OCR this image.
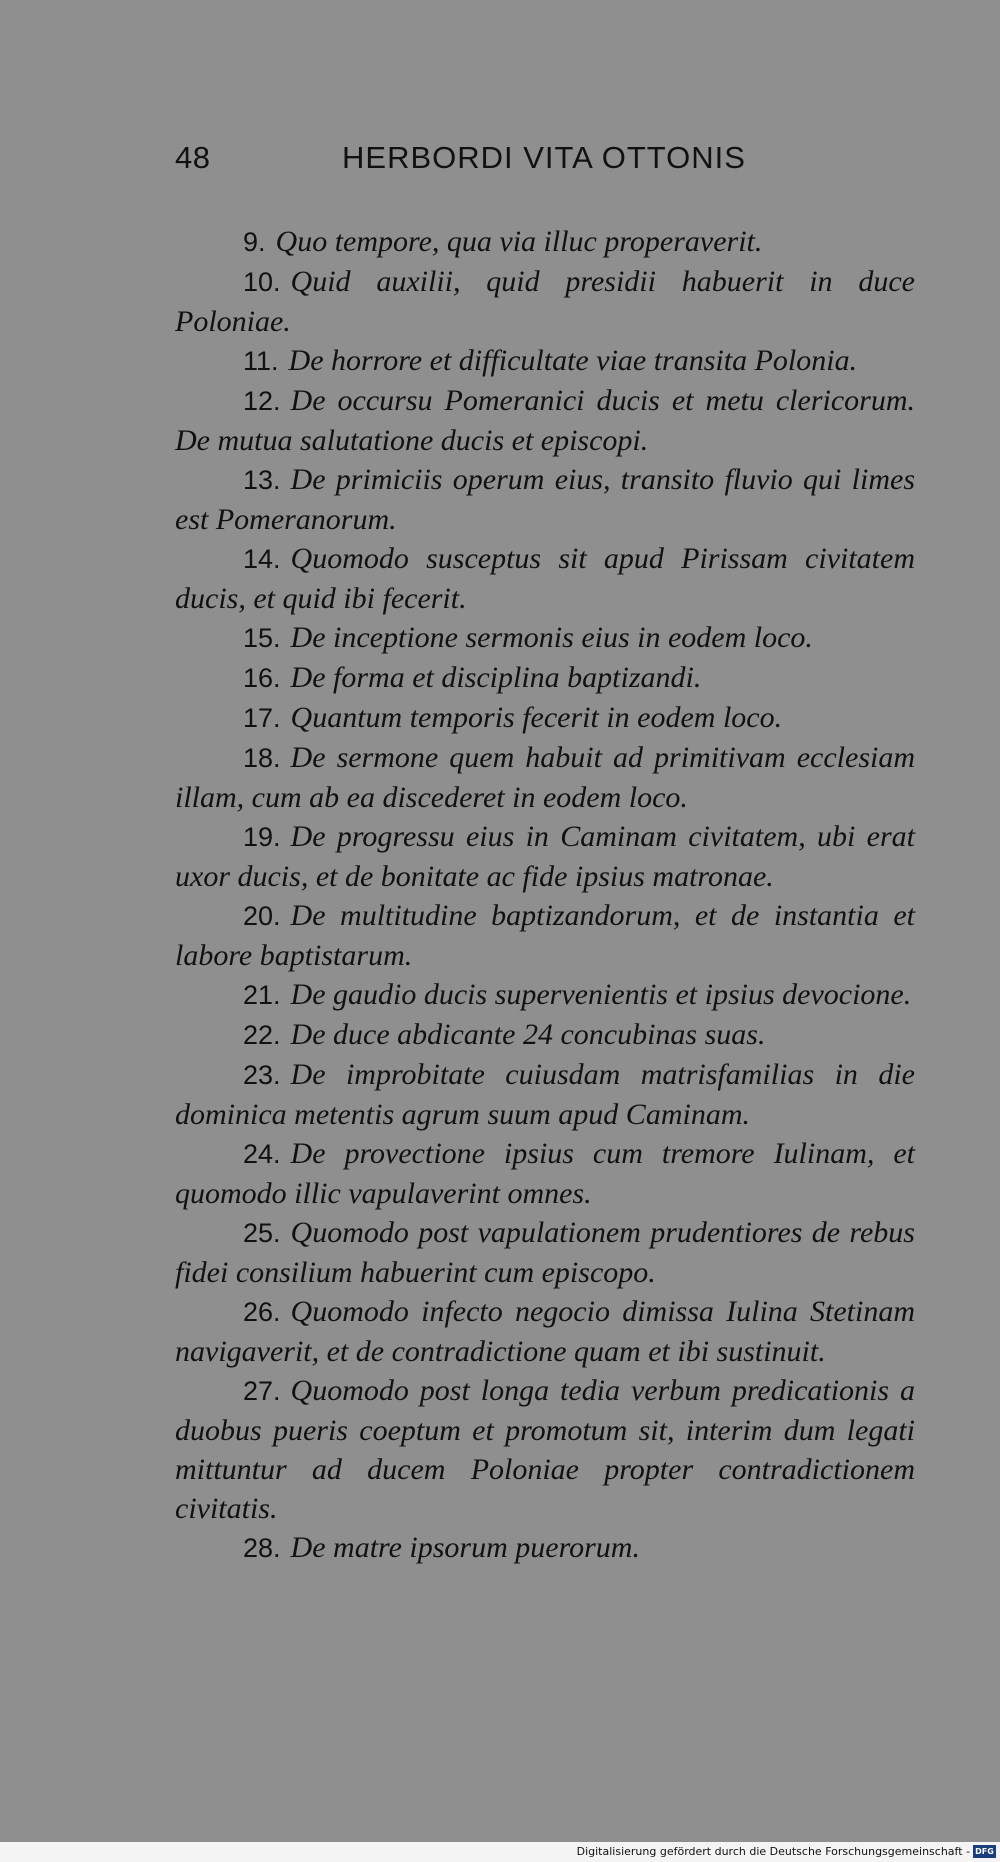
48	HERBORDI VITA OTTONIS

9. Quo tempore, qua via illuc properaverit.

10. Quid auxilii, quid presidii habuerit in duce Poloniae.

11. De horrore et difficultate viae transita Polonia.

12. De occursu Pomeranici ducis et metu clericorum. De mutua salutatione ducis et episcopi.

13. De primiciis operum eius, transito fluvio qui limes est Pomeranorum.

14. Quomodo susceptus sit apud Pirissam civitatem ducis, et quid ibi fecerit.

15. De inceptione sermonis eius in eodem loco.

16. De forma et disciplina baptizandi.

17. Quantum temporis fecerit in eodem loco.

18. De sermone quem habuit ad primitivam ecclesiam illam, cum ab ea discederet in eodem loco.

19. De progressu eius in Caminam civitatem, ubi erat uxor ducis, et de bonitate ac fide ipsius matronae.

20. De multitudine baptizandorum, et de instantia et labore baptistarum.

21. De gaudio ducis supervenientis et ipsius devocione.

22. De duce abdicante 24 concubinas suas.

23. De improbitate cuiusdam matrisfamilias in die dominica metentis agrum suum apud Caminam.

24. De provectione ipsius cum tremore Iulinam, et quomodo illic vapulaverint omnes.

25. Quomodo post vapulationem prudentiores de rebus fidei consilium habuerint cum episcopo.

26. Quomodo infecto negocio dimissa Iulina Stetinam navigaverit, et de contradictione quam et ibi sustinuit.

27. Quomodo post longa tedia verbum predicationis a duobus pueris coeptum et promotum sit, interim dum legati mittuntur ad ducem Poloniae propter contradictionem civitatis.

28. De matre ipsorum puerorum.

Digitalisierung gefördert durch die Deutsche Forschungsgemeinschaft - DFG
